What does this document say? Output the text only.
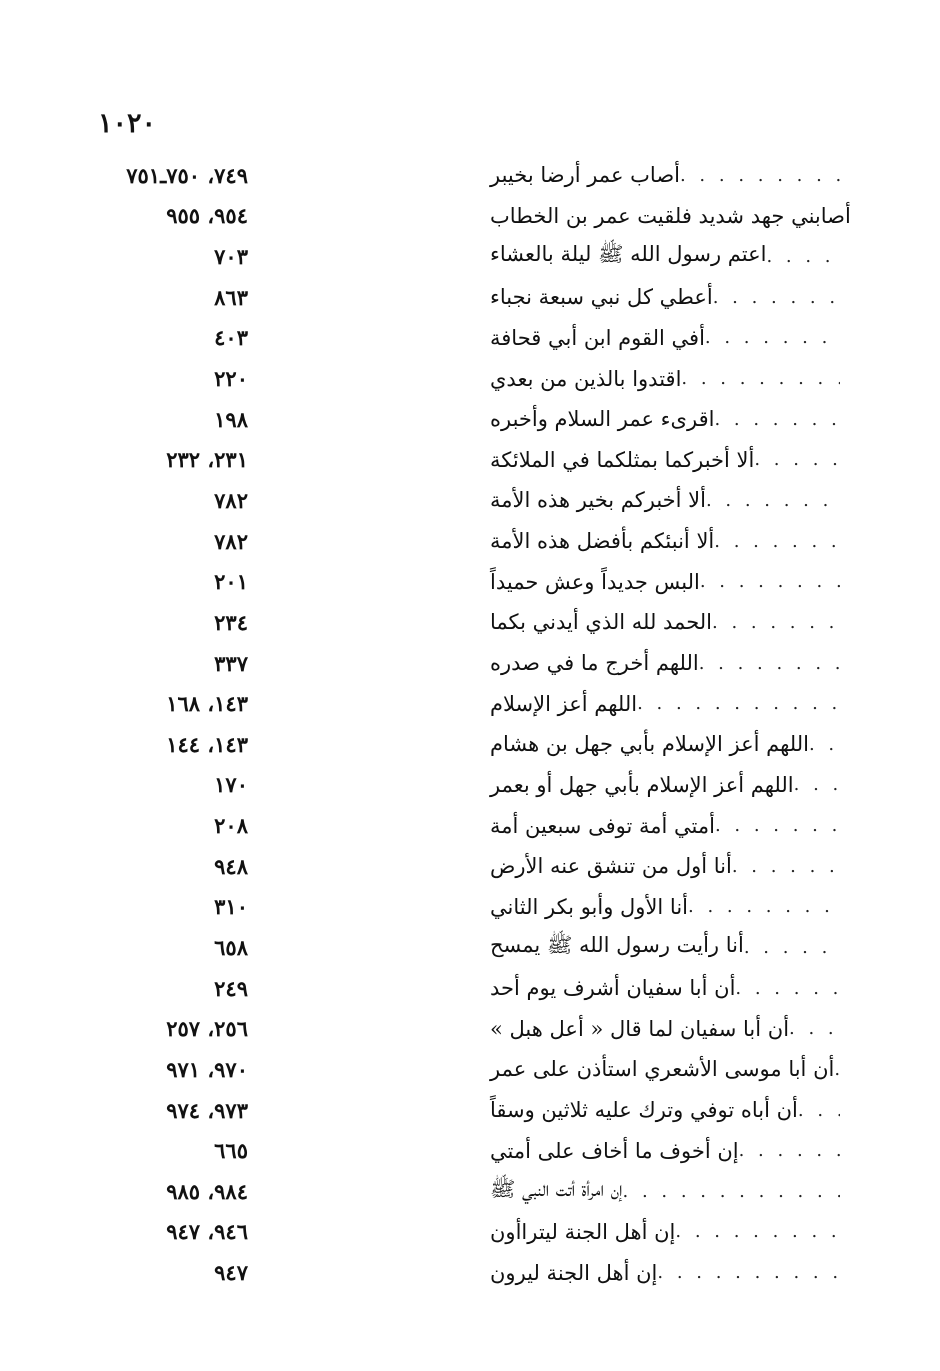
١٠٢٠
٧٤٩، ٧٥٠ـ٧٥١	أصاب عمر أرضا بخيبر
. . .
٩٥٤، ٩٥٥	أصابني جهد شديد فلقيت عمر بن الخطاب
٧٠٣	اعتم رسول الله ﷺ ليلة بالعشاء
. . .
٨٦٣	أعطي كل نبي سبعة نجباء
. . .
٤٠٣	أفي القوم ابن أبي قحافة
. . .
٢٢٠	اقتدوا بالذين من بعدي
. . .
١٩٨	اقرىء عمر السلام وأخبره
. . .
٢٣١، ٢٣٢	ألا أخبركما بمثلكما في الملائكة
. . .
٧٨٢	ألا أخبركم بخير هذه الأمة
. . .
٧٨٢	ألا أنبئكم بأفضل هذه الأمة
. . .
٢٠١	البس جديداً وعش حميداً
. . .
٢٣٤	الحمد لله الذي أيدني بكما
. . .
٣٣٧	اللهم أخرج ما في صدره
. . .
١٤٣، ١٦٨	اللهم أعز الإسلام
. . .
١٤٣، ١٤٤	اللهم أعز الإسلام بأبي جهل بن هشام
. . .
١٧٠	اللهم أعز الإسلام بأبي جهل أو بعمر
. . .
٢٠٨	أمتي أمة توفى سبعين أمة
. . .
٩٤٨	أنا أول من تنشق عنه الأرض
. . .
٣١٠	أنا الأول وأبو بكر الثاني
. . .
٦٥٨	أنا رأيت رسول الله ﷺ يمسح
. . .
٢٤٩	أن أبا سفيان أشرف يوم أحد
. . .
٢٥٦، ٢٥٧	أن أبا سفيان لما قال « أعل هبل »
. . .
٩٧٠، ٩٧١	أن أبا موسى الأشعري استأذن على عمر
. . .
٩٧٣، ٩٧٤	أن أباه توفي وترك عليه ثلاثين وسقاً
. . .
٦٦٥	إن أخوف ما أخاف على أمتي
. . .
٩٨٤، ٩٨٥	إن امرأة أتت النبي ﷺ
. . .
٩٤٦، ٩٤٧	إن أهل الجنة ليتراأون
. . .
٩٤٧	إن أهل الجنة ليرون
. . .
